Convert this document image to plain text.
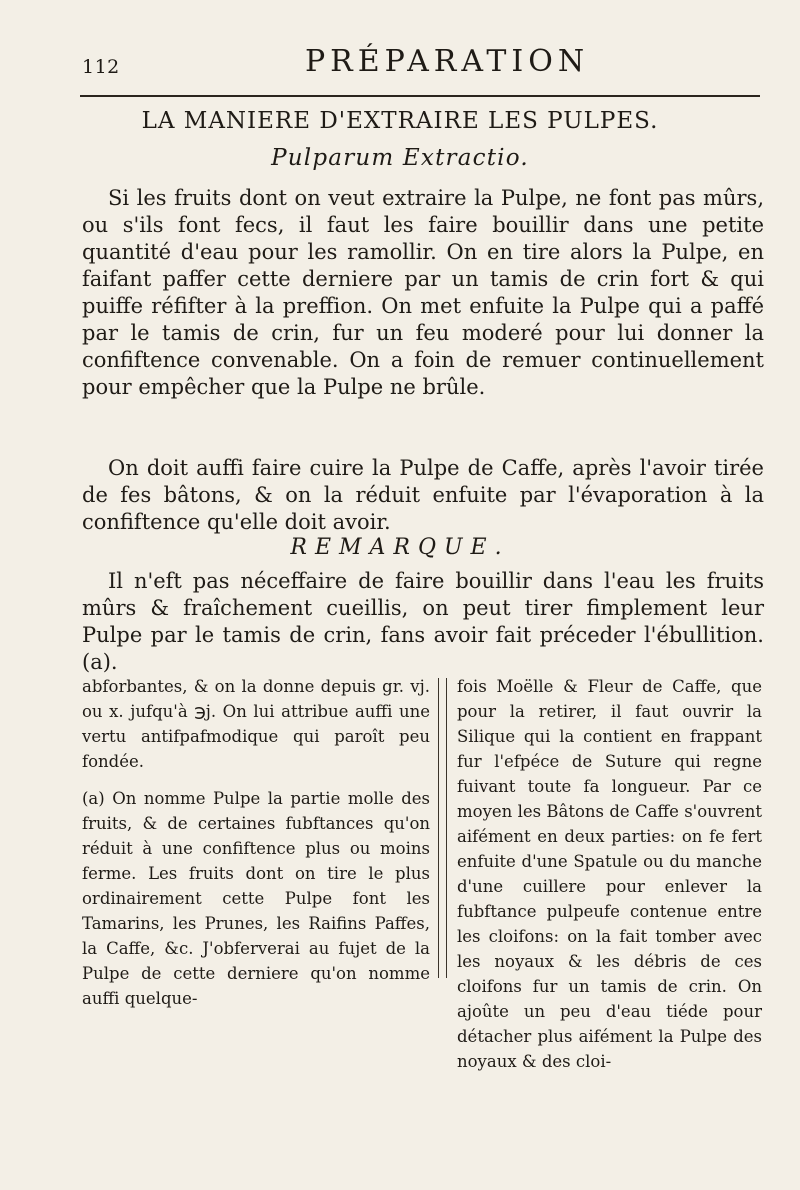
112	PRÉPARATION
LA MANIERE D'EXTRAIRE LES PULPES.
Pulparum Extractio.
Si les fruits dont on veut extraire la Pulpe, ne font pas mûrs, ou s'ils font fecs, il faut les faire bouillir dans une petite quantité d'eau pour les ramollir. On en tire alors la Pulpe, en faifant paffer cette derniere par un tamis de crin fort & qui puiffe réfifter à la preffion. On met enfuite la Pulpe qui a paffé par le tamis de crin, fur un feu moderé pour lui donner la confiftence convenable. On a foin de remuer continuellement pour empêcher que la Pulpe ne brûle.
On doit auffi faire cuire la Pulpe de Caffe, après l'avoir tirée de fes bâtons, & on la réduit enfuite par l'évaporation à la confiftence qu'elle doit avoir.
REMARQUE.
Il n'eft pas néceffaire de faire bouillir dans l'eau les fruits mûrs & fraîchement cueillis, on peut tirer fimplement leur Pulpe par le tamis de crin, fans avoir fait préceder l'ébullition. (a).
abforbantes, & on la donne depuis gr. vj. ou x. jufqu'à ℈j. On lui attribue auffi une vertu antifpafmodique qui paroît peu fondée.
(a) On nomme Pulpe la partie molle des fruits, & de certaines fubftances qu'on réduit à une confiftence plus ou moins ferme. Les fruits dont on tire le plus ordinairement cette Pulpe font les Tamarins, les Prunes, les Raifins Paffes, la Caffe, &c. J'obferverai au fujet de la Pulpe de cette derniere qu'on nomme auffi quelque-
fois Moëlle & Fleur de Caffe, que pour la retirer, il faut ouvrir la Silique qui la contient en frappant fur l'efpéce de Suture qui regne fuivant toute fa longueur. Par ce moyen les Bâtons de Caffe s'ouvrent aifément en deux parties: on fe fert enfuite d'une Spatule ou du manche d'une cuillere pour enlever la fubftance pulpeufe contenue entre les cloifons: on la fait tomber avec les noyaux & les débris de ces cloifons fur un tamis de crin. On ajoûte un peu d'eau tiéde pour détacher plus aifément la Pulpe des noyaux & des cloi-
